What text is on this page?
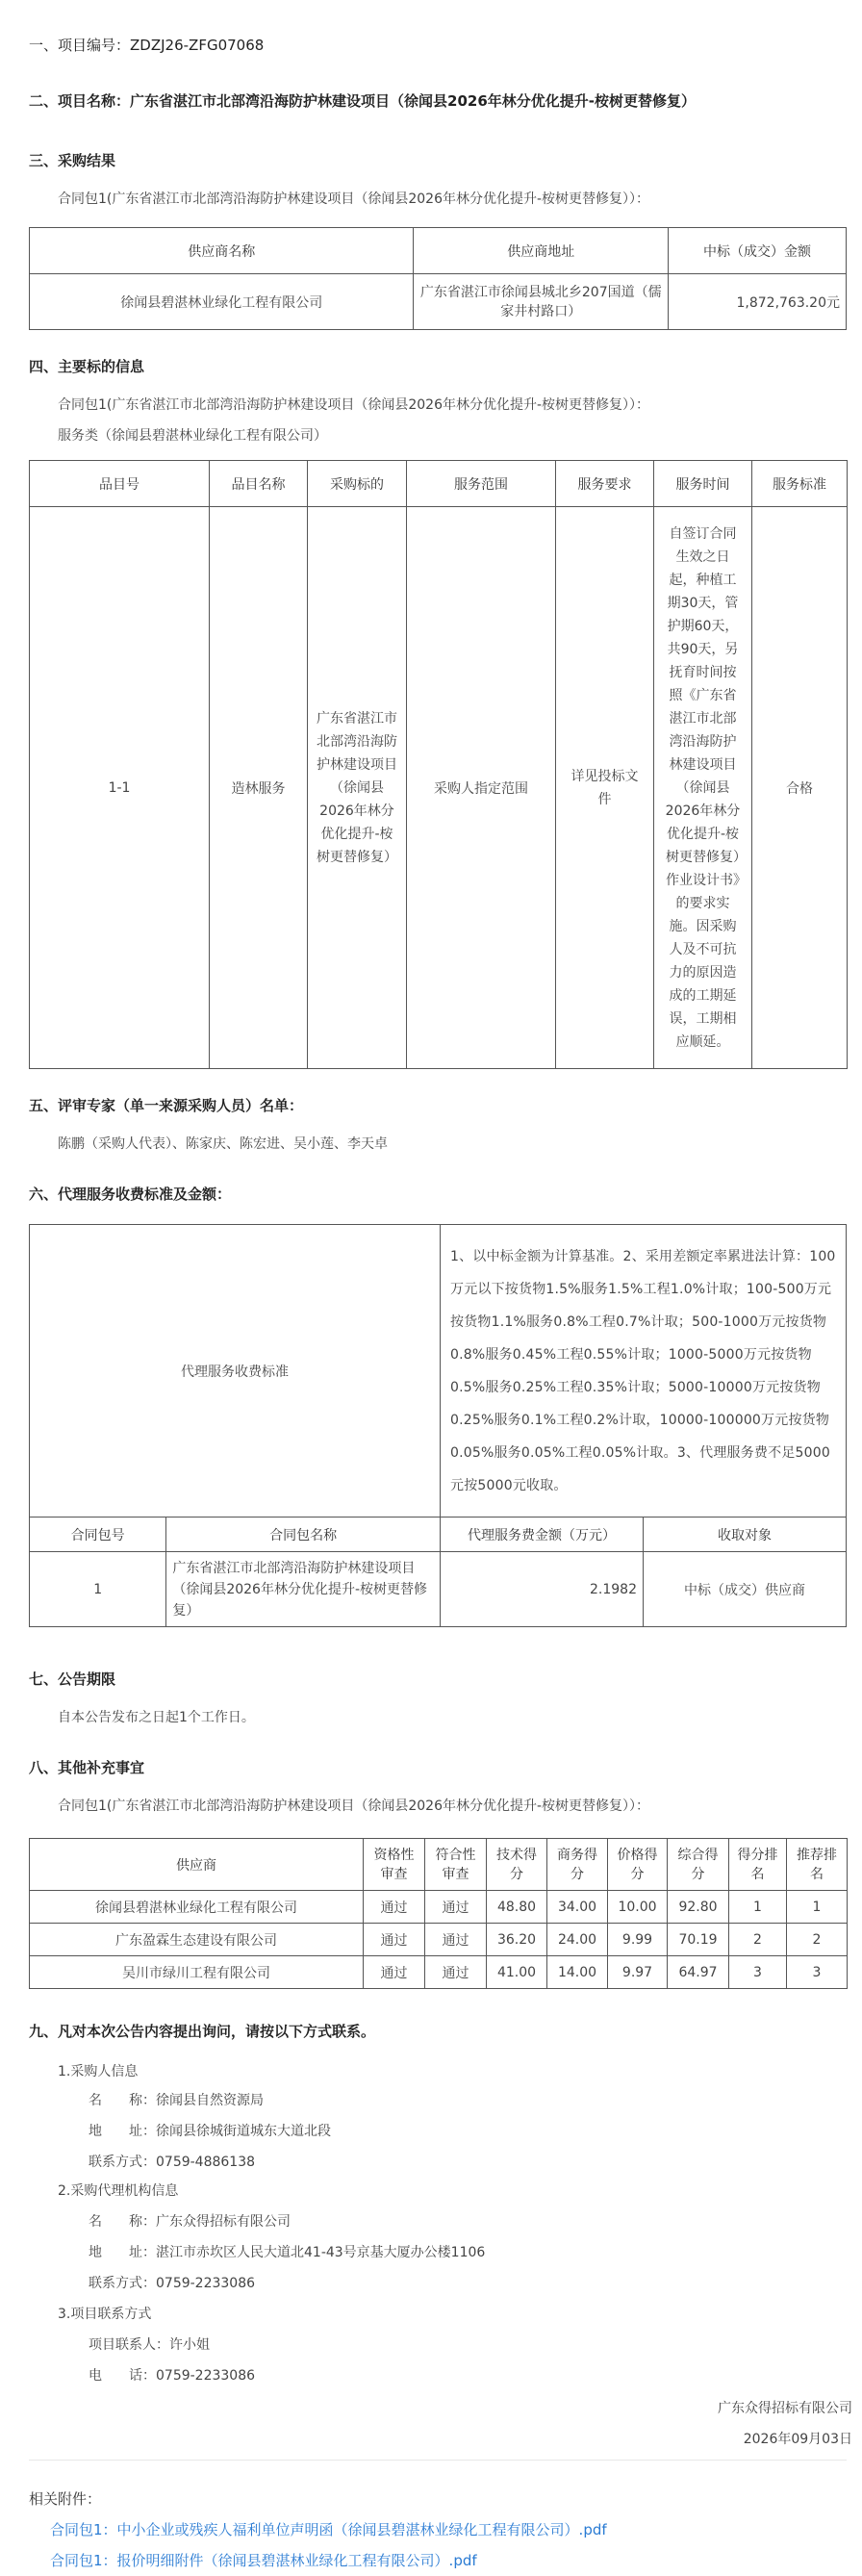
一、项目编号：ZDZJ26-ZFG07068
二、项目名称：广东省湛江市北部湾沿海防护林建设项目（徐闻县2026年林分优化提升-桉树更替修复）
三、采购结果
合同包1(广东省湛江市北部湾沿海防护林建设项目（徐闻县2026年林分优化提升-桉树更替修复））：
供应商名称	供应商地址	中标（成交）金额
徐闻县碧湛林业绿化工程有限公司	广东省湛江市徐闻县城北乡207国道（儒家井村路口）	1,872,763.20元
四、主要标的信息
合同包1(广东省湛江市北部湾沿海防护林建设项目（徐闻县2026年林分优化提升-桉树更替修复））：
服务类（徐闻县碧湛林业绿化工程有限公司）
品目号	品目名称	采购标的	服务范围	服务要求	服务时间	服务标准
1-1	造林服务	广东省湛江市北部湾沿海防护林建设项目（徐闻县2026年林分优化提升-桉树更替修复）	采购人指定范围	详见投标文件	自签订合同生效之日起，种植工期30天，管护期60天，共90天，另抚育时间按照《广东省湛江市北部湾沿海防护林建设项目（徐闻县2026年林分优化提升-桉树更替修复）作业设计书》的要求实施。因采购人及不可抗力的原因造成的工期延误，工期相应顺延。	合格
五、评审专家（单一来源采购人员）名单：
陈鹏（采购人代表）、陈家庆、陈宏进、吴小莲、李天卓
六、代理服务收费标准及金额：
代理服务收费标准		1、以中标金额为计算基准。2、采用差额定率累进法计算：100万元以下按货物1.5%服务1.5%工程1.0%计取；100-500万元按货物1.1%服务0.8%工程0.7%计取；500-1000万元按货物0.8%服务0.45%工程0.55%计取；1000-5000万元按货物0.5%服务0.25%工程0.35%计取；5000-10000万元按货物0.25%服务0.1%工程0.2%计取，10000-100000万元按货物0.05%服务0.05%工程0.05%计取。3、代理服务费不足5000元按5000元收取。	
合同包号	合同包名称	代理服务费金额（万元）	收取对象
1	广东省湛江市北部湾沿海防护林建设项目（徐闻县2026年林分优化提升-桉树更替修复）	2.1982	中标（成交）供应商
七、公告期限
自本公告发布之日起1个工作日。
八、其他补充事宜
合同包1(广东省湛江市北部湾沿海防护林建设项目（徐闻县2026年林分优化提升-桉树更替修复））：
供应商	资格性审查	符合性审查	技术得分	商务得分	价格得分	综合得分	得分排名	推荐排名
徐闻县碧湛林业绿化工程有限公司	通过	通过	48.80	34.00	10.00	92.80	1	1
广东盈霖生态建设有限公司	通过	通过	36.20	24.00	9.99	70.19	2	2
吴川市绿川工程有限公司	通过	通过	41.00	14.00	9.97	64.97	3	3
九、凡对本次公告内容提出询问，请按以下方式联系。
1.采购人信息
名　　称：徐闻县自然资源局
地　　址：徐闻县徐城街道城东大道北段
联系方式：0759-4886138
2.采购代理机构信息
名　　称：广东众得招标有限公司
地　　址：湛江市赤坎区人民大道北41-43号京基大厦办公楼1106
联系方式：0759-2233086
3.项目联系方式
项目联系人：许小姐
电　　话：0759-2233086
广东众得招标有限公司
2026年09月03日
相关附件：
合同包1：中小企业或残疾人福利单位声明函（徐闻县碧湛林业绿化工程有限公司）.pdf
合同包1：报价明细附件（徐闻县碧湛林业绿化工程有限公司）.pdf
